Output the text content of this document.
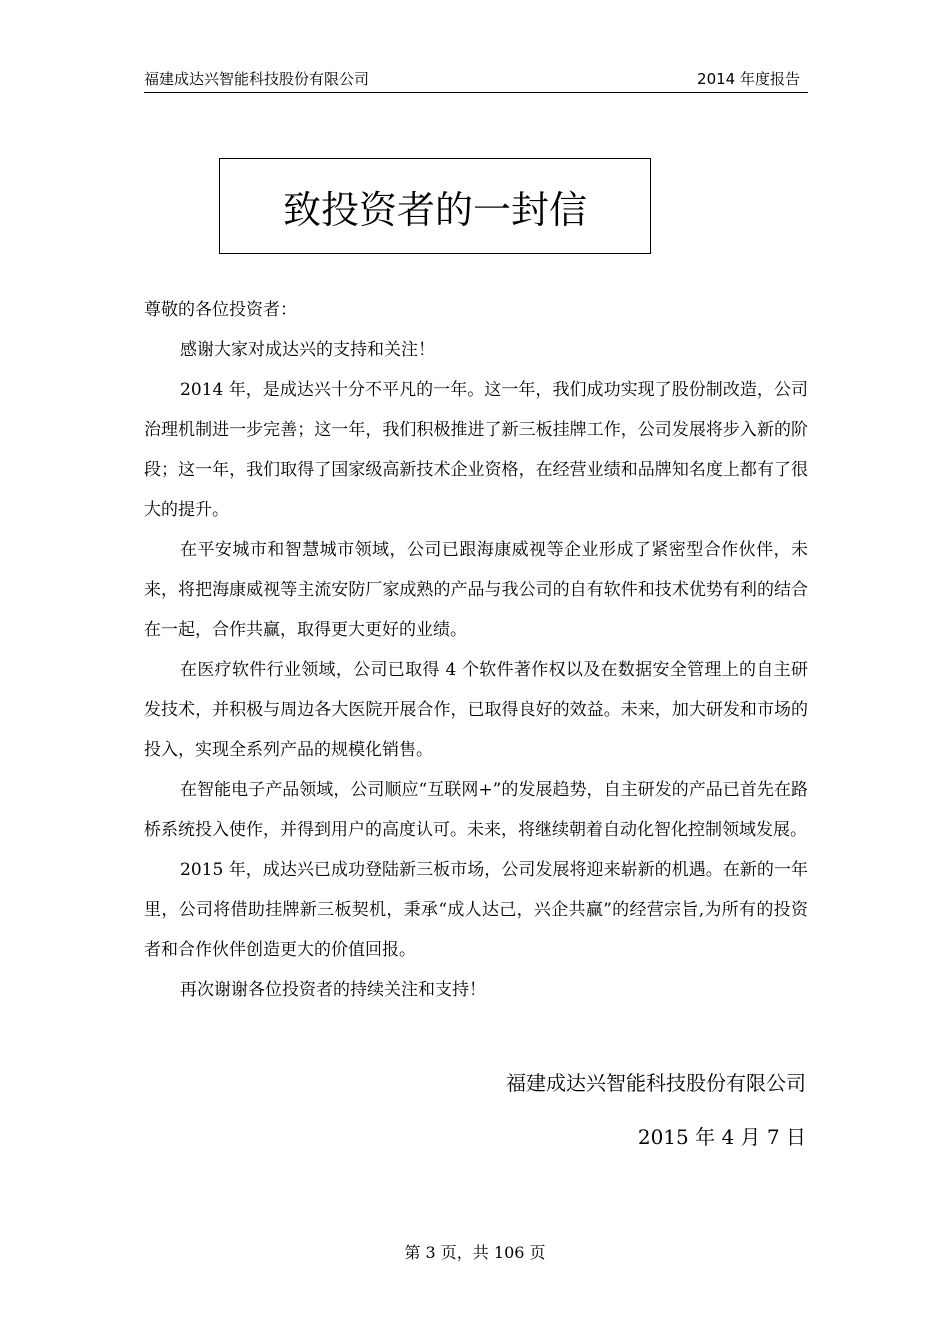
福建成达兴智能科技股份有限公司	2014 年度报告
致投资者的一封信

尊敬的各位投资者：

感谢大家对成达兴的支持和关注！

2014 年，是成达兴十分不平凡的一年。这一年，我们成功实现了股份制改造，公司治理机制进一步完善；这一年，我们积极推进了新三板挂牌工作，公司发展将步入新的阶段；这一年，我们取得了国家级高新技术企业资格，在经营业绩和品牌知名度上都有了很大的提升。

在平安城市和智慧城市领域，公司已跟海康威视等企业形成了紧密型合作伙伴，未来，将把海康威视等主流安防厂家成熟的产品与我公司的自有软件和技术优势有利的结合在一起，合作共赢，取得更大更好的业绩。

在医疗软件行业领域，公司已取得 4 个软件著作权以及在数据安全管理上的自主研发技术，并积极与周边各大医院开展合作，已取得良好的效益。未来，加大研发和市场的投入，实现全系列产品的规模化销售。

在智能电子产品领域，公司顺应“互联网+”的发展趋势，自主研发的产品已首先在路桥系统投入使作，并得到用户的高度认可。未来，将继续朝着自动化智化控制领域发展。

2015 年，成达兴已成功登陆新三板市场，公司发展将迎来崭新的机遇。在新的一年里，公司将借助挂牌新三板契机，秉承“成人达己，兴企共赢”的经营宗旨,为所有的投资者和合作伙伴创造更大的价值回报。

再次谢谢各位投资者的持续关注和支持！

福建成达兴智能科技股份有限公司
2015 年 4 月 7 日
第 3 页，共 106 页
